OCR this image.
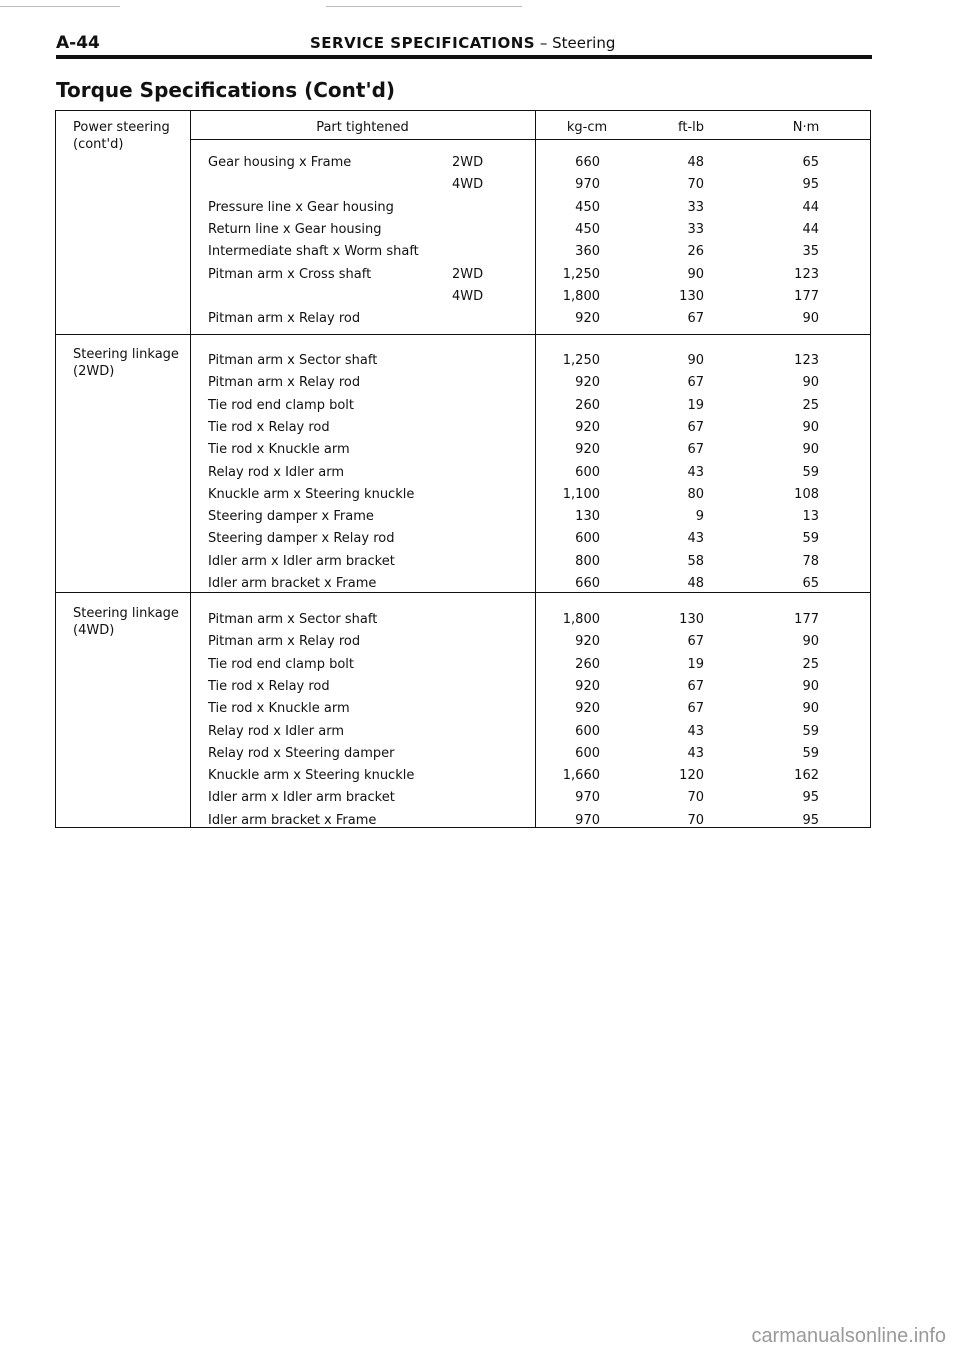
A-44	SERVICE SPECIFICATIONS – Steering
Torque Specifications (Cont'd)
Part tightened	kg-cm	ft-lb	N·m
Power steering
(cont'd)
Gear housing x Frame	2WD	660	48	65
4WD	970	70	95
Pressure line x Gear housing	450	33	44
Return line x Gear housing	450	33	44
Intermediate shaft x Worm shaft	360	26	35
Pitman arm x Cross shaft	2WD	1,250	90	123
4WD	1,800	130	177
Pitman arm x Relay rod	920	67	90
Steering linkage
(2WD)
Pitman arm x Sector shaft	1,250	90	123
Pitman arm x Relay rod	920	67	90
Tie rod end clamp bolt	260	19	25
Tie rod x Relay rod	920	67	90
Tie rod x Knuckle arm	920	67	90
Relay rod x Idler arm	600	43	59
Knuckle arm x Steering knuckle	1,100	80	108
Steering damper x Frame	130	9	13
Steering damper x Relay rod	600	43	59
Idler arm x Idler arm bracket	800	58	78
Idler arm bracket x Frame	660	48	65
Steering linkage
(4WD)
Pitman arm x Sector shaft	1,800	130	177
Pitman arm x Relay rod	920	67	90
Tie rod end clamp bolt	260	19	25
Tie rod x Relay rod	920	67	90
Tie rod x Knuckle arm	920	67	90
Relay rod x Idler arm	600	43	59
Relay rod x Steering damper	600	43	59
Knuckle arm x Steering knuckle	1,660	120	162
Idler arm x Idler arm bracket	970	70	95
Idler arm bracket x Frame	970	70	95
carmanualsonline.info
